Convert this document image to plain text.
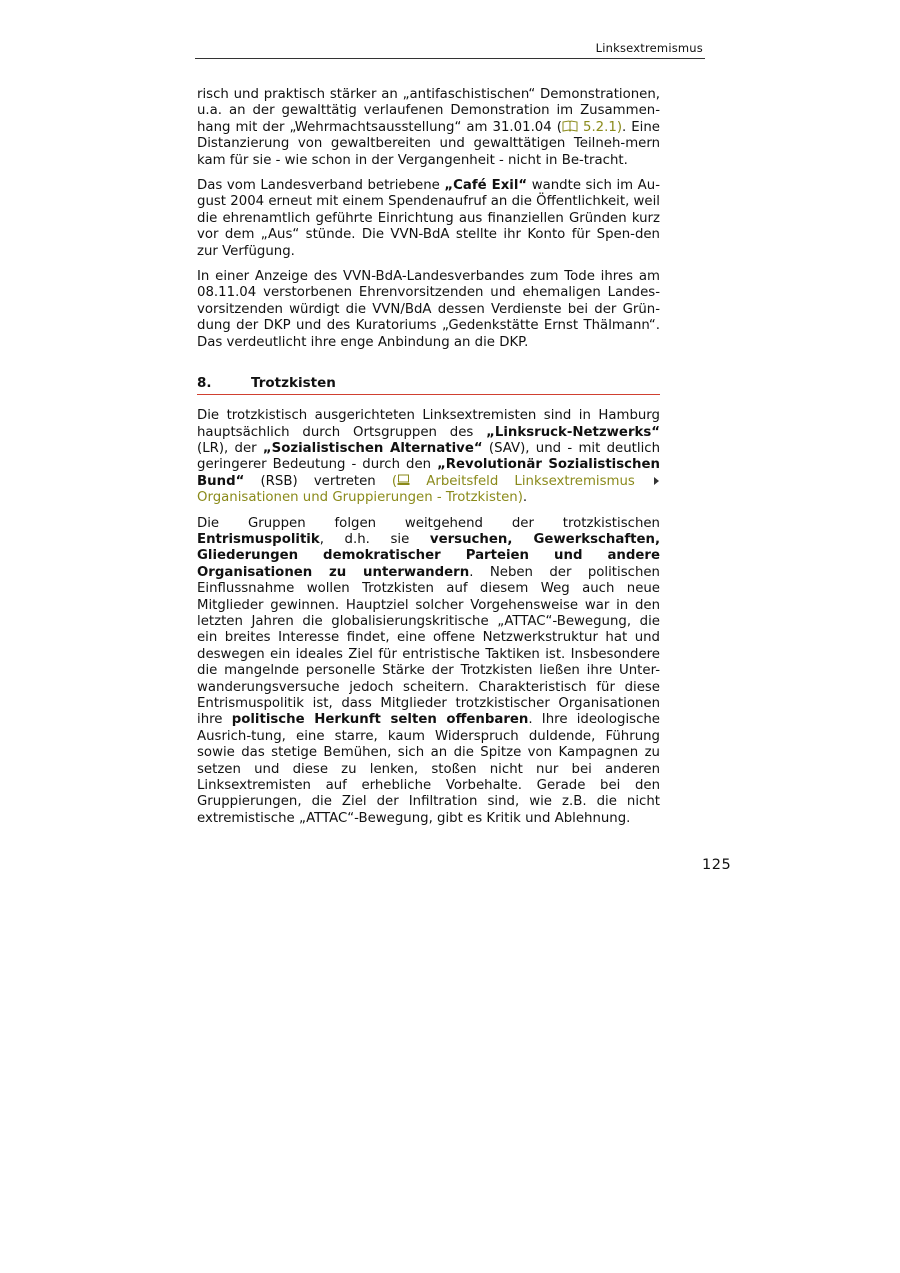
Linksextremismus

risch und praktisch stärker an „antifaschistischen“ Demonstrationen, u.a. an der gewalttätig verlaufenen Demonstration im Zusammen-hang mit der „Wehrmachtsausstellung“ am 31.01.04 ( 5.2.1). Eine Distanzierung von gewaltbereiten und gewalttätigen Teilneh-mern kam für sie - wie schon in der Vergangenheit - nicht in Be-tracht.

Das vom Landesverband betriebene „Café Exil“ wandte sich im Au-gust 2004 erneut mit einem Spendenaufruf an die Öffentlichkeit, weil die ehrenamtlich geführte Einrichtung aus finanziellen Gründen kurz vor dem „Aus“ stünde. Die VVN-BdA stellte ihr Konto für Spen-den zur Verfügung.

In einer Anzeige des VVN-BdA-Landesverbandes zum Tode ihres am 08.11.04 verstorbenen Ehrenvorsitzenden und ehemaligen Landes-vorsitzenden würdigt die VVN/BdA dessen Verdienste bei der Grün-dung der DKP und des Kuratoriums „Gedenkstätte Ernst Thälmann“. Das verdeutlicht ihre enge Anbindung an die DKP.

8.	Trotzkisten

Die trotzkistisch ausgerichteten Linksextremisten sind in Hamburg hauptsächlich durch Ortsgruppen des „Linksruck-Netzwerks“ (LR), der „Sozialistischen Alternative“ (SAV), und - mit deutlich geringerer Bedeutung - durch den „Revolutionär Sozialistischen Bund“ (RSB) vertreten ( Arbeitsfeld Linksextremismus Organisationen und Gruppierungen - Trotzkisten).

Die Gruppen folgen weitgehend der trotzkistischen Entrismuspolitik, d.h. sie versuchen, Gewerkschaften, Gliederungen demokratischer Parteien und andere Organisationen zu unterwandern. Neben der politischen Einflussnahme wollen Trotzkisten auf diesem Weg auch neue Mitglieder gewinnen. Hauptziel solcher Vorgehensweise war in den letzten Jahren die globalisierungskritische „ATTAC“-Bewegung, die ein breites Interesse findet, eine offene Netzwerkstruktur hat und deswegen ein ideales Ziel für entristische Taktiken ist. Insbesondere die mangelnde personelle Stärke der Trotzkisten ließen ihre Unter-wanderungsversuche jedoch scheitern. Charakteristisch für diese Entrismuspolitik ist, dass Mitglieder trotzkistischer Organisationen ihre politische Herkunft selten offenbaren. Ihre ideologische Ausrich-tung, eine starre, kaum Widerspruch duldende, Führung sowie das stetige Bemühen, sich an die Spitze von Kampagnen zu setzen und diese zu lenken, stoßen nicht nur bei anderen Linksextremisten auf erhebliche Vorbehalte. Gerade bei den Gruppierungen, die Ziel der Infiltration sind, wie z.B. die nicht extremistische „ATTAC“-Bewegung, gibt es Kritik und Ablehnung.

125
